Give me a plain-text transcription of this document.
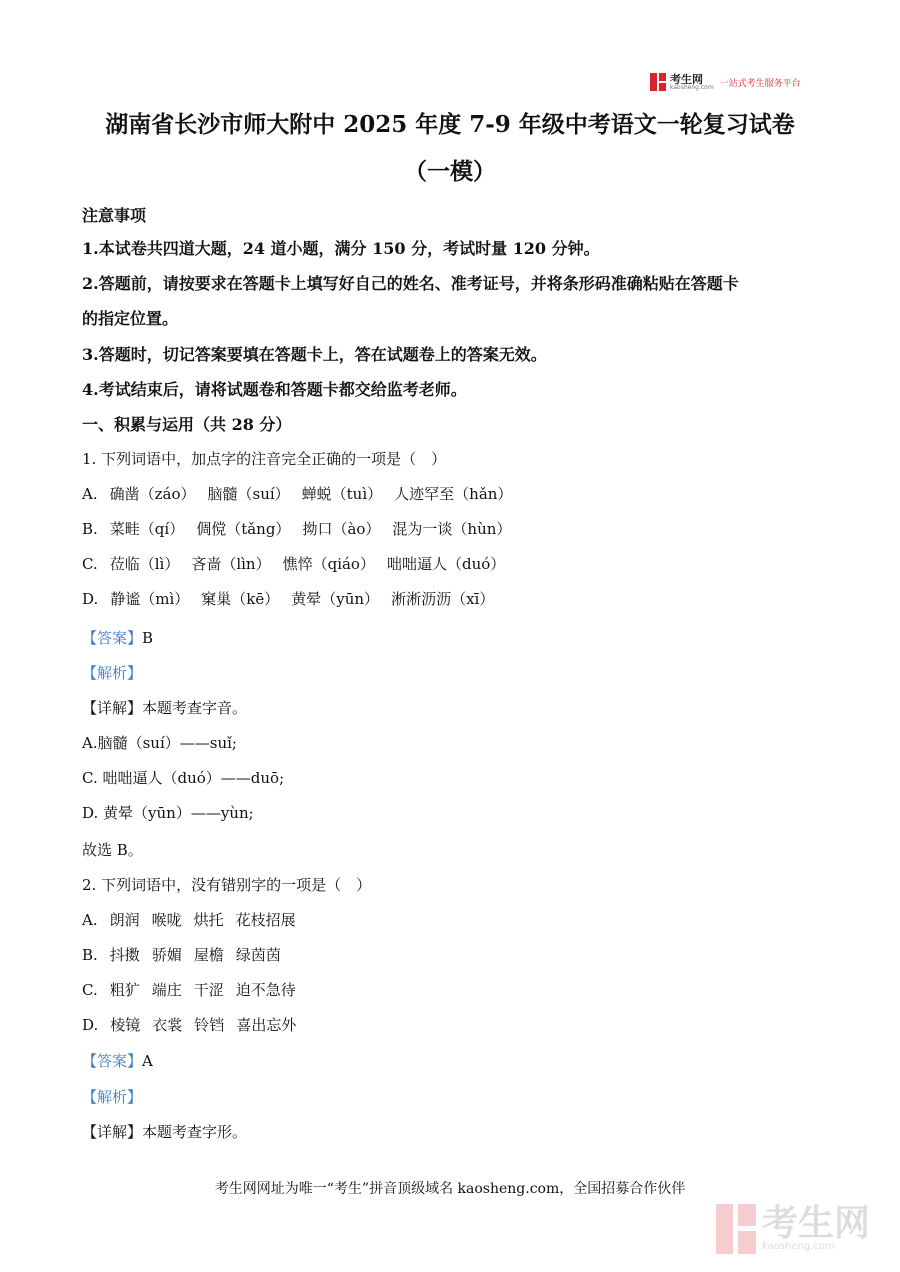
考生网
kaosheng.com 一站式考生服务平台
湖南省长沙市师大附中 2025 年度 7-9 年级中考语文一轮复习试卷
（一模）
注意事项
1.本试卷共四道大题，24 道小题，满分 150 分，考试时量 120 分钟。
2.答题前，请按要求在答题卡上填写好自己的姓名、准考证号，并将条形码准确粘贴在答题卡
的指定位置。
3.答题时，切记答案要填在答题卡上，答在试题卷上的答案无效。
4.考试结束后，请将试题卷和答题卡都交给监考老师。
一、积累与运用（共 28 分）
1. 下列词语中，加点字的注音完全正确的一项是（　）
A. 确凿（záo） 脑髓（suí） 蝉蜕（tuì） 人迹罕至（hǎn）
B. 菜畦（qí） 倜傥（tǎng） 拗口（ào） 混为一谈（hùn）
C. 莅临（lì） 吝啬（lìn） 憔悴（qiáo） 咄咄逼人（duó）
D. 静谧（mì） 窠巢（kē） 黄晕（yūn） 淅淅沥沥（xī）
【答案】B
【解析】
【详解】本题考查字音。
A.脑髓（suí）——suǐ;
C. 咄咄逼人（duó）——duō;
D. 黄晕（yūn）——yùn;
故选 B。
2. 下列词语中，没有错别字的一项是（　）
A. 朗润 喉咙 烘托 花枝招展
B. 抖擞 骄媚 屋檐 绿茵茵
C. 粗犷 端庄 干涩 迫不急待
D. 棱镜 衣裳 铃铛 喜出忘外
【答案】A
【解析】
【详解】本题考查字形。
考生网网址为唯一“考生”拼音顶级域名 kaosheng.com，全国招募合作伙伴
考生网
kaosheng.com
